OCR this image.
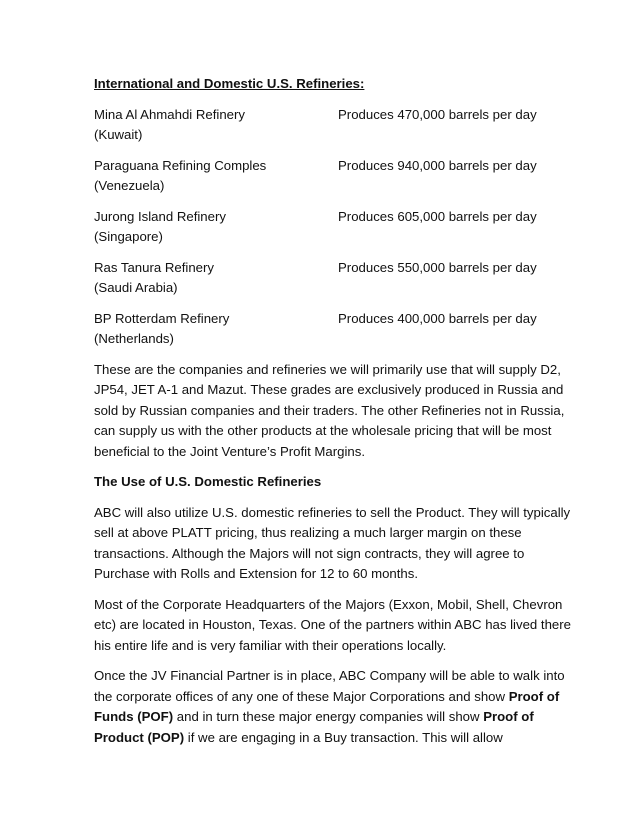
International and Domestic U.S. Refineries:
Mina Al Ahmahdi Refinery
(Kuwait)
Produces 470,000 barrels per day
Paraguana Refining Comples
(Venezuela)
Produces 940,000 barrels per day
Jurong Island Refinery
(Singapore)
Produces 605,000 barrels per day
Ras Tanura Refinery
(Saudi Arabia)
Produces 550,000 barrels per day
BP Rotterdam Refinery
(Netherlands)
Produces 400,000 barrels per day

These are the companies and refineries we will primarily use that will supply D2, JP54, JET A-1 and Mazut. These grades are exclusively produced in Russia and sold by Russian companies and their traders. The other Refineries not in Russia, can supply us with the other products at the wholesale pricing that will be most beneficial to the Joint Venture’s Profit Margins.

The Use of U.S. Domestic Refineries

ABC will also utilize U.S. domestic refineries to sell the Product. They will typically sell at above PLATT pricing, thus realizing a much larger margin on these transactions. Although the Majors will not sign contracts, they will agree to Purchase with Rolls and Extension for 12 to 60 months.

Most of the Corporate Headquarters of the Majors (Exxon, Mobil, Shell, Chevron etc) are located in Houston, Texas. One of the partners within ABC has lived there his entire life and is very familiar with their operations locally.

Once the JV Financial Partner is in place, ABC Company will be able to walk into the corporate offices of any one of these Major Corporations and show Proof of Funds (POF) and in turn these major energy companies will show Proof of Product (POP) if we are engaging in a Buy transaction. This will allow
